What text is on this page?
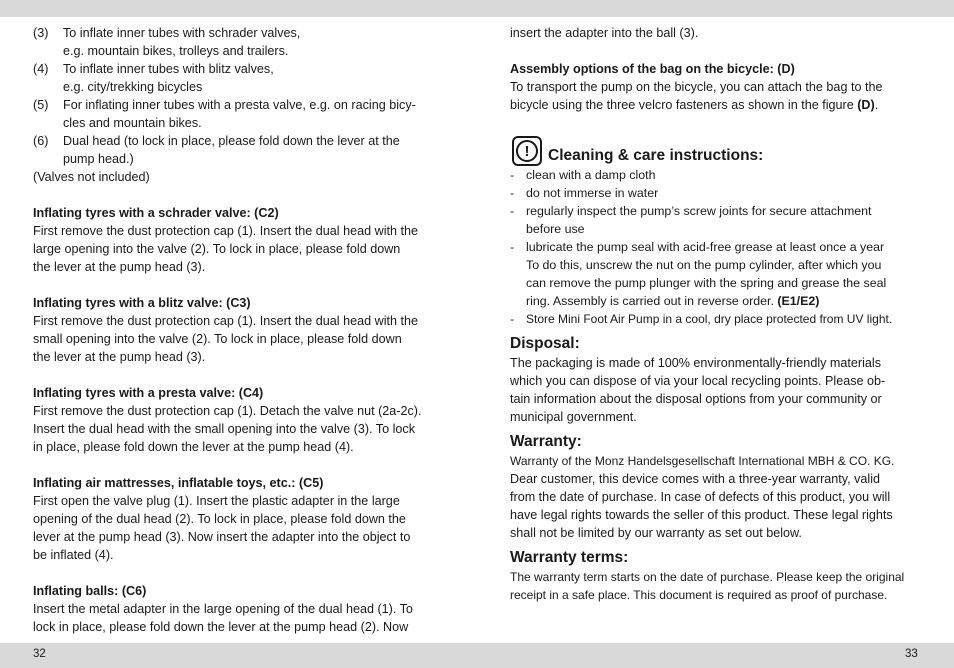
(3)	To inflate inner tubes with schrader valves,
e.g. mountain bikes, trolleys and trailers.
(4)	To inflate inner tubes with blitz valves,
e.g. city/trekking bicycles
(5)	For inflating inner tubes with a presta valve, e.g. on racing bicy-
cles and mountain bikes.
(6)	Dual head (to lock in place, please fold down the lever at the
pump head.)

(Valves not included)

Inflating tyres with a schrader valve: (C2)

First remove the dust protection cap (1). Insert the dual head with the

large opening into the valve (2). To lock in place, please fold down

the lever at the pump head (3).

Inflating tyres with a blitz valve: (C3)

First remove the dust protection cap (1). Insert the dual head with the

small opening into the valve (2). To lock in place, please fold down

the lever at the pump head (3).

Inflating tyres with a presta valve: (C4)

First remove the dust protection cap (1). Detach the valve nut (2a-2c).

Insert the dual head with the small opening into the valve (3). To lock

in place, please fold down the lever at the pump head (4).

Inflating air mattresses, inflatable toys, etc.: (C5)

First open the valve plug (1). Insert the plastic adapter in the large

opening of the dual head (2). To lock in place, please fold down the

lever at the pump head (3). Now insert the adapter into the object to

be inflated (4).

Inflating balls: (C6)

Insert the metal adapter in the large opening of the dual head (1). To

lock in place, please fold down the lever at the pump head (2). Now

insert the adapter into the ball (3).

Assembly options of the bag on the bicycle: (D)

To transport the pump on the bicycle, you can attach the bag to the

bicycle using the three velcro fasteners as shown in the figure (D).

!	Cleaning & care instructions:

- clean with a damp cloth
- do not immerse in water
- regularly inspect the pump’s screw joints for secure attachment
before use
- lubricate the pump seal with acid-free grease at least once a year
To do this, unscrew the nut on the pump cylinder, after which you
can remove the pump plunger with the spring and grease the seal
ring. Assembly is carried out in reverse order. (E1/E2)
- Store Mini Foot Air Pump in a cool, dry place protected from UV light.

Disposal:

The packaging is made of 100% environmentally-friendly materials

which you can dispose of via your local recycling points. Please ob-

tain information about the disposal options from your community or

municipal government.

Warranty:

Warranty of the Monz Handelsgesellschaft International MBH & CO. KG.

Dear customer, this device comes with a three-year warranty, valid

from the date of purchase. In case of defects of this product, you will

have legal rights towards the seller of this product. These legal rights

shall not be limited by our warranty as set out below.

Warranty terms:

The warranty term starts on the date of purchase. Please keep the original

receipt in a safe place. This document is required as proof of purchase.

32	33
